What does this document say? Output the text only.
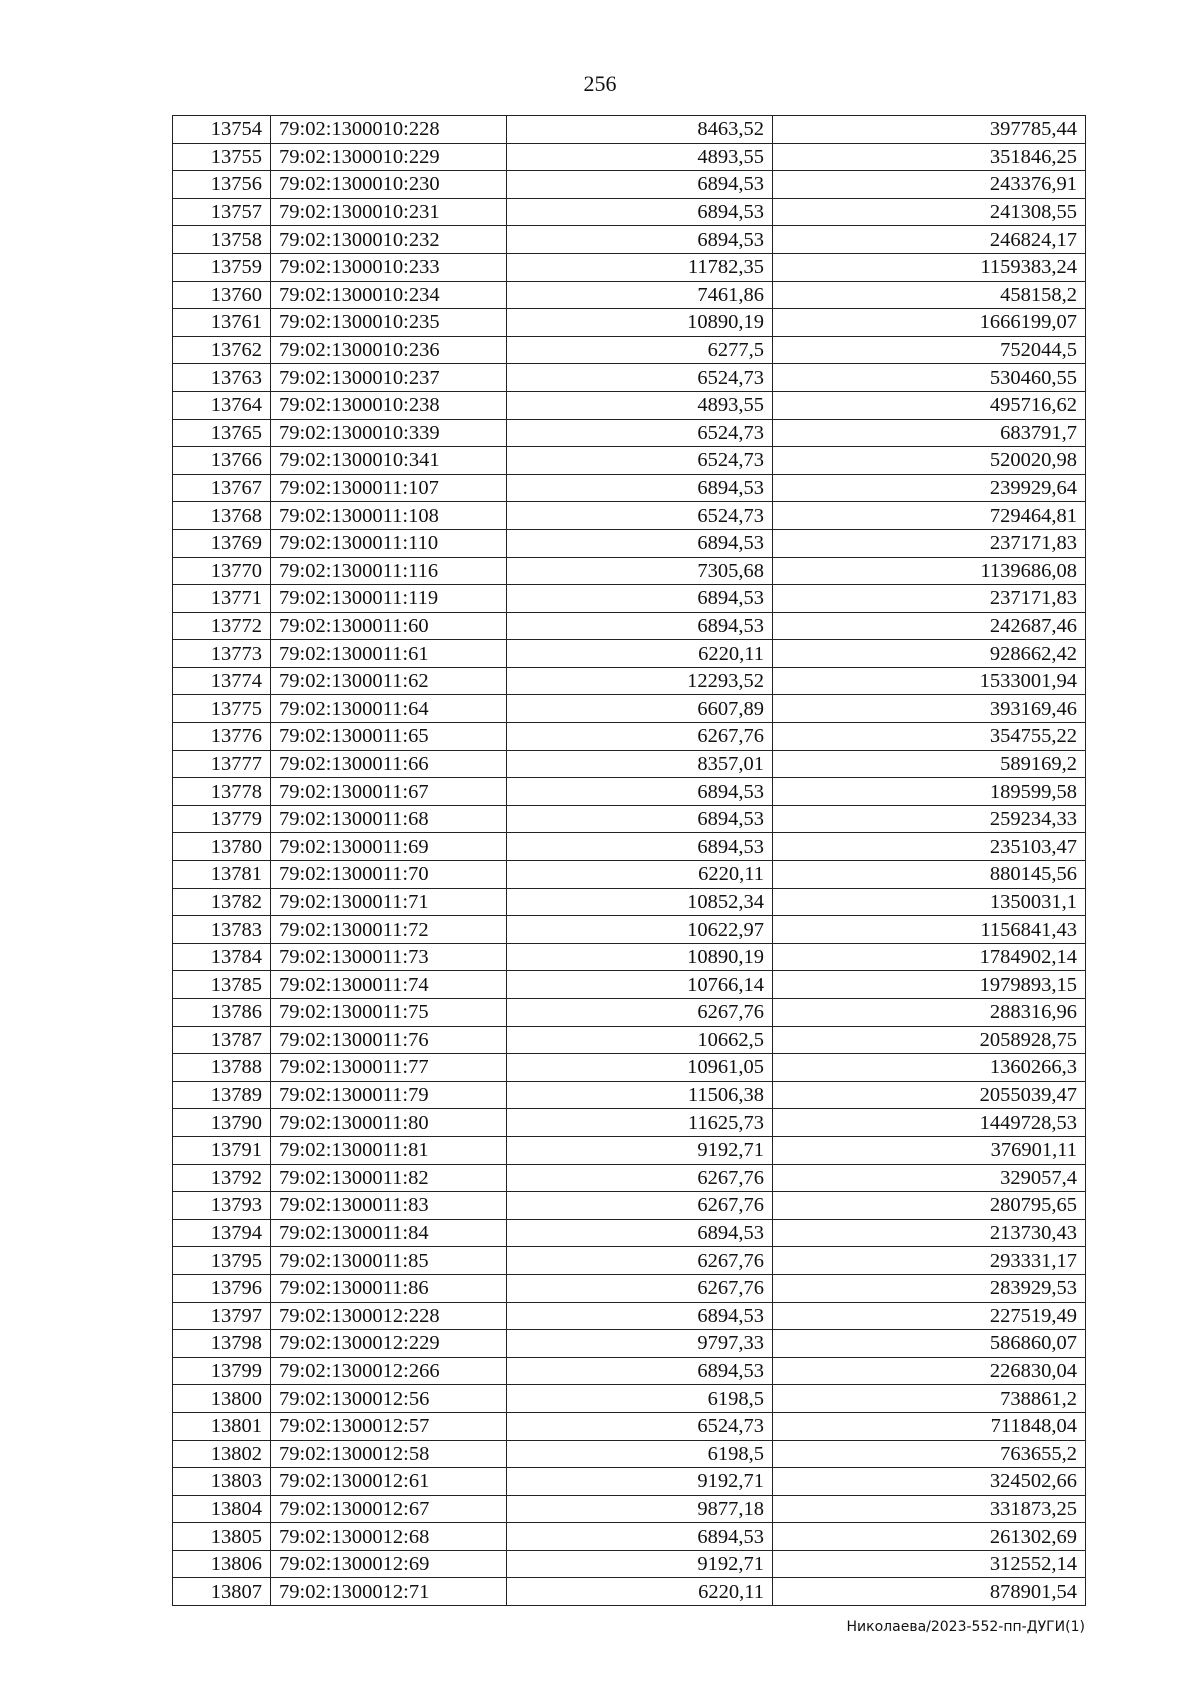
256
13754	79:02:1300010:228	8463,52	397785,44
13755	79:02:1300010:229	4893,55	351846,25
13756	79:02:1300010:230	6894,53	243376,91
13757	79:02:1300010:231	6894,53	241308,55
13758	79:02:1300010:232	6894,53	246824,17
13759	79:02:1300010:233	11782,35	1159383,24
13760	79:02:1300010:234	7461,86	458158,2
13761	79:02:1300010:235	10890,19	1666199,07
13762	79:02:1300010:236	6277,5	752044,5
13763	79:02:1300010:237	6524,73	530460,55
13764	79:02:1300010:238	4893,55	495716,62
13765	79:02:1300010:339	6524,73	683791,7
13766	79:02:1300010:341	6524,73	520020,98
13767	79:02:1300011:107	6894,53	239929,64
13768	79:02:1300011:108	6524,73	729464,81
13769	79:02:1300011:110	6894,53	237171,83
13770	79:02:1300011:116	7305,68	1139686,08
13771	79:02:1300011:119	6894,53	237171,83
13772	79:02:1300011:60	6894,53	242687,46
13773	79:02:1300011:61	6220,11	928662,42
13774	79:02:1300011:62	12293,52	1533001,94
13775	79:02:1300011:64	6607,89	393169,46
13776	79:02:1300011:65	6267,76	354755,22
13777	79:02:1300011:66	8357,01	589169,2
13778	79:02:1300011:67	6894,53	189599,58
13779	79:02:1300011:68	6894,53	259234,33
13780	79:02:1300011:69	6894,53	235103,47
13781	79:02:1300011:70	6220,11	880145,56
13782	79:02:1300011:71	10852,34	1350031,1
13783	79:02:1300011:72	10622,97	1156841,43
13784	79:02:1300011:73	10890,19	1784902,14
13785	79:02:1300011:74	10766,14	1979893,15
13786	79:02:1300011:75	6267,76	288316,96
13787	79:02:1300011:76	10662,5	2058928,75
13788	79:02:1300011:77	10961,05	1360266,3
13789	79:02:1300011:79	11506,38	2055039,47
13790	79:02:1300011:80	11625,73	1449728,53
13791	79:02:1300011:81	9192,71	376901,11
13792	79:02:1300011:82	6267,76	329057,4
13793	79:02:1300011:83	6267,76	280795,65
13794	79:02:1300011:84	6894,53	213730,43
13795	79:02:1300011:85	6267,76	293331,17
13796	79:02:1300011:86	6267,76	283929,53
13797	79:02:1300012:228	6894,53	227519,49
13798	79:02:1300012:229	9797,33	586860,07
13799	79:02:1300012:266	6894,53	226830,04
13800	79:02:1300012:56	6198,5	738861,2
13801	79:02:1300012:57	6524,73	711848,04
13802	79:02:1300012:58	6198,5	763655,2
13803	79:02:1300012:61	9192,71	324502,66
13804	79:02:1300012:67	9877,18	331873,25
13805	79:02:1300012:68	6894,53	261302,69
13806	79:02:1300012:69	9192,71	312552,14
13807	79:02:1300012:71	6220,11	878901,54
Николаева/2023-552-пп-ДУГИ(1)
